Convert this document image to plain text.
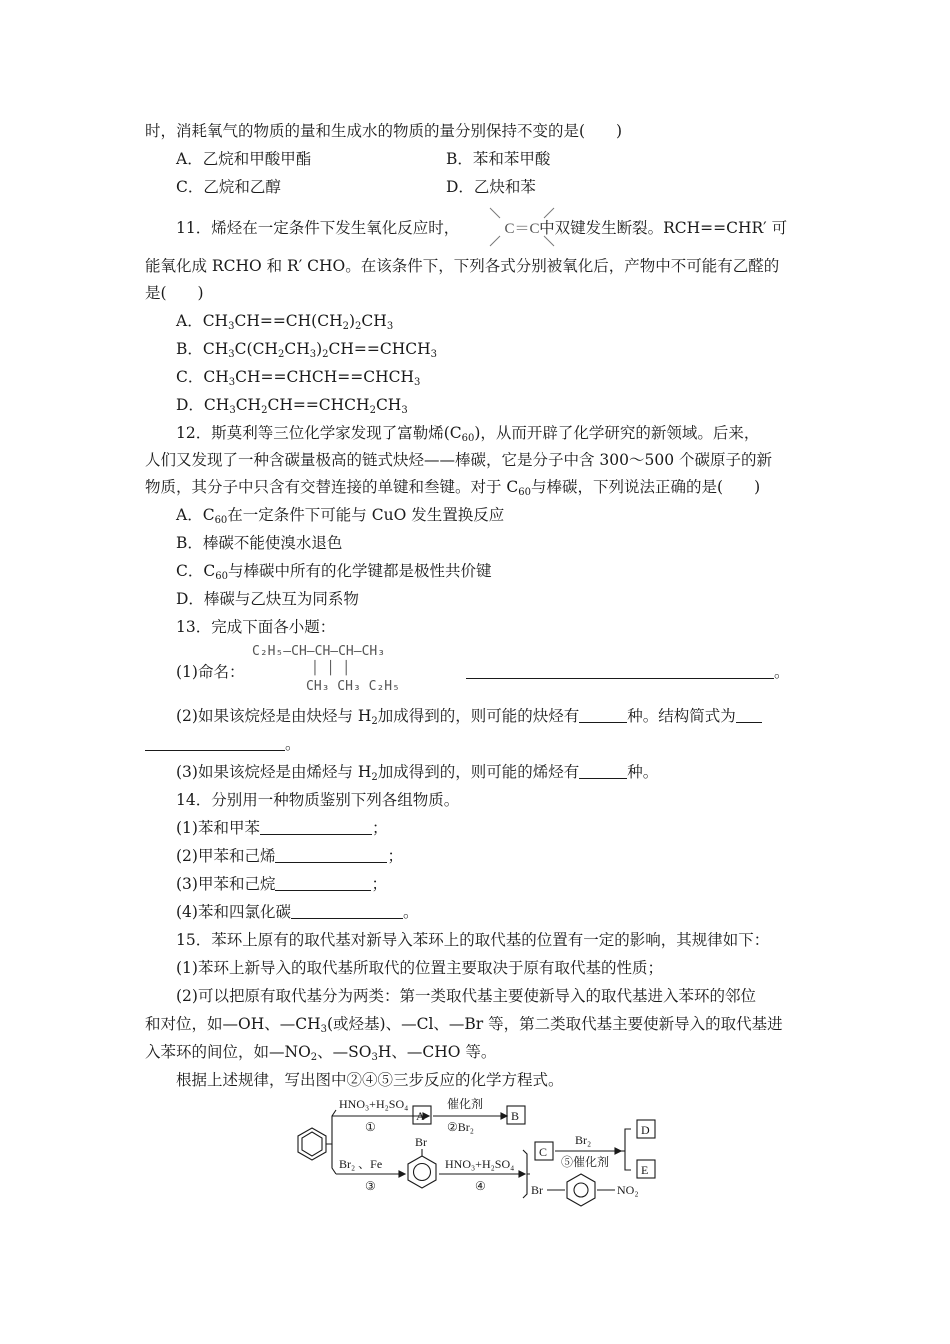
时，消耗氧气的物质的量和生成水的物质的量分别保持不变的是(　　)
A．乙烷和甲酸甲酯	B．苯和苯甲酸
C．乙烷和乙醇	D．乙炔和苯
11．烯烃在一定条件下发生氧化反应时，	中双键发生断裂。RCH==CHR′ 可
C＝C
能氧化成 RCHO 和 R′ CHO。在该条件下，下列各式分别被氧化后，产物中不可能有乙醛的
是(　　)
A．$CH_3CH==CH(CH_2)_2CH_3$
B．$CH_3C(CH_2CH_3)_2CH==CHCH_3$
C．$CH_3CH==CHCH==CHCH_3$
D．$CH_3CH_2CH==CHCH_2CH_3$
12．斯莫利等三位化学家发现了富勒烯$(C_{60})$，从而开辟了化学研究的新领域。后来，
人们又发现了一种含碳量极高的链式炔烃——棒碳，它是分子中含 300～500 个碳原子的新
物质，其分子中只含有交替连接的单键和叁键。对于 $C_{60}$与棒碳，下列说法正确的是(　　)
A．$C_{60}$在一定条件下可能与 CuO 发生置换反应
B．棒碳不能使溴水退色
C．$C_{60}$与棒碳中所有的化学键都是极性共价键
D．棒碳与乙炔互为同系物
13．完成下面各小题：
(1)命名：
C₂H₅—CH—CH—CH—CH₃
│ │ │
CH₃ CH₃ C₂H₅
。
(2)如果该烷烃是由炔烃与 $H_2$加成得到的，则可能的炔烃有	种。结构简式为
。
(3)如果该烷烃是由烯烃与 $H_2$加成得到的，则可能的烯烃有	种。
14．分别用一种物质鉴别下列各组物质。
(1)苯和甲苯	；
(2)甲苯和己烯	；
(3)甲苯和己烷	；
(4)苯和四氯化碳	。
15．苯环上原有的取代基对新导入苯环上的取代基的位置有一定的影响，其规律如下：
(1)苯环上新导入的取代基所取代的位置主要取决于原有取代基的性质；
(2)可以把原有取代基分为两类：第一类取代基主要使新导入的取代基进入苯环的邻位
和对位，如—OH、$—CH_3$(或烃基)、—Cl、—Br 等，第二类取代基主要使新导入的取代基进
入苯环的间位，如$—NO_2$、$—SO_3H$、—CHO 等。
根据上述规律，写出图中②④⑤三步反应的化学方程式。
HNO₃+H₂SO₄
①
A
催化剂
②Br₂
B
Br₂ 、Fe
③
Br
HNO₃+H₂SO₄
④
C
Br₂
⑤催化剂
D
E
Br	NO₂
